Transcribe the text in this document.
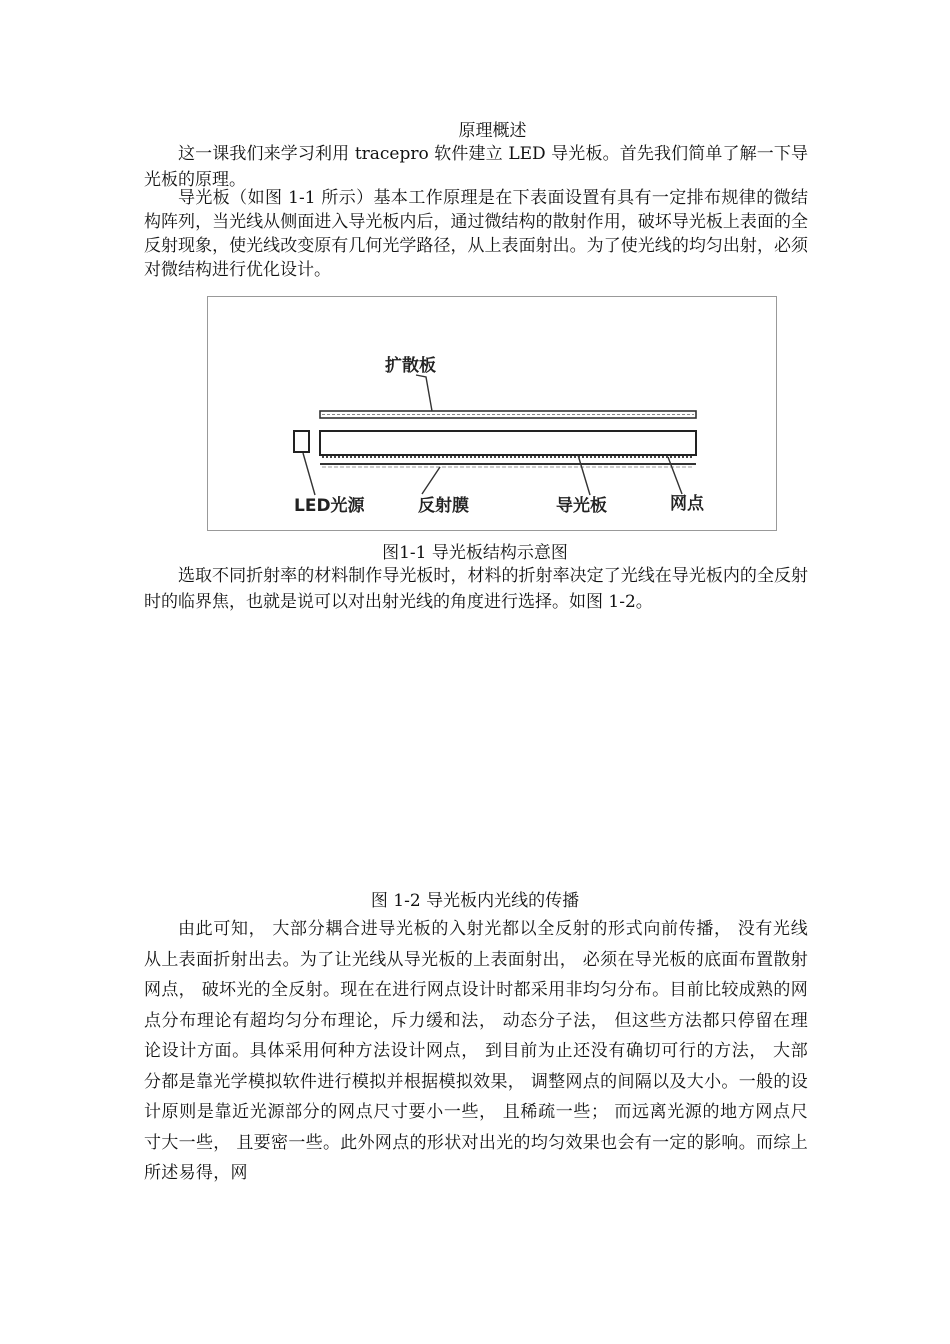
原理概述

这一课我们来学习利用 tracepro 软件建立 LED 导光板。首先我们简单了解一下导光板的原理。

导光板（如图 1-1 所示）基本工作原理是在下表面设置有具有一定排布规律的微结构阵列，当光线从侧面进入导光板内后，通过微结构的散射作用，破坏导光板上表面的全反射现象，使光线改变原有几何光学路径，从上表面射出。为了使光线的均匀出射，必须对微结构进行优化设计。

扩散板
LED光源	反射膜	导光板	网点
图1-1 导光板结构示意图

选取不同折射率的材料制作导光板时，材料的折射率决定了光线在导光板内的全反射时的临界焦，也就是说可以对出射光线的角度进行选择。如图 1-2。

图 1-2 导光板内光线的传播

由此可知， 大部分耦合进导光板的入射光都以全反射的形式向前传播， 没有光线从上表面折射出去。为了让光线从导光板的上表面射出， 必须在导光板的底面布置散射网点， 破坏光的全反射。现在在进行网点设计时都采用非均匀分布。目前比较成熟的网点分布理论有超均匀分布理论，斥力缓和法， 动态分子法， 但这些方法都只停留在理论设计方面。具体采用何种方法设计网点， 到目前为止还没有确切可行的方法， 大部分都是靠光学模拟软件进行模拟并根据模拟效果， 调整网点的间隔以及大小。一般的设计原则是靠近光源部分的网点尺寸要小一些， 且稀疏一些； 而远离光源的地方网点尺寸大一些， 且要密一些。此外网点的形状对出光的均匀效果也会有一定的影响。而综上所述易得，网
